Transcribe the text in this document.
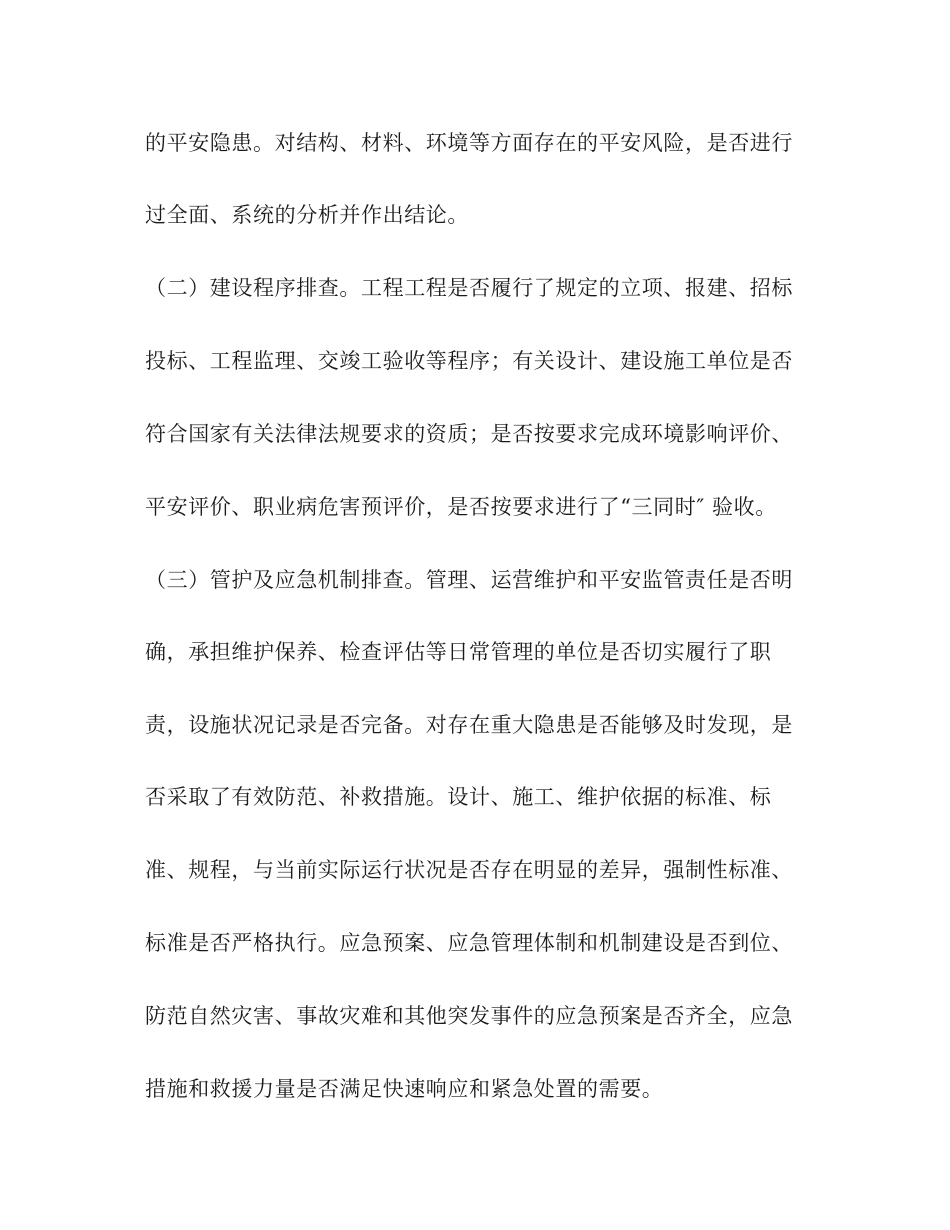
的平安隐患。对结构、材料、环境等方面存在的平安风险，是否进行
过全面、系统的分析并作出结论。
（二）建设程序排查。工程工程是否履行了规定的立项、报建、招标
投标、工程监理、交竣工验收等程序；有关设计、建设施工单位是否
符合国家有关法律法规要求的资质；是否按要求完成环境影响评价、
平安评价、职业病危害预评价，是否按要求进行了“三同时″ 验收。
（三）管护及应急机制排查。管理、运营维护和平安监管责任是否明
确，承担维护保养、检查评估等日常管理的单位是否切实履行了职
责，设施状况记录是否完备。对存在重大隐患是否能够及时发现，是
否采取了有效防范、补救措施。设计、施工、维护依据的标准、标
准、规程，与当前实际运行状况是否存在明显的差异，强制性标准、
标准是否严格执行。应急预案、应急管理体制和机制建设是否到位、
防范自然灾害、事故灾难和其他突发事件的应急预案是否齐全，应急
措施和救援力量是否满足快速响应和紧急处置的需要。
